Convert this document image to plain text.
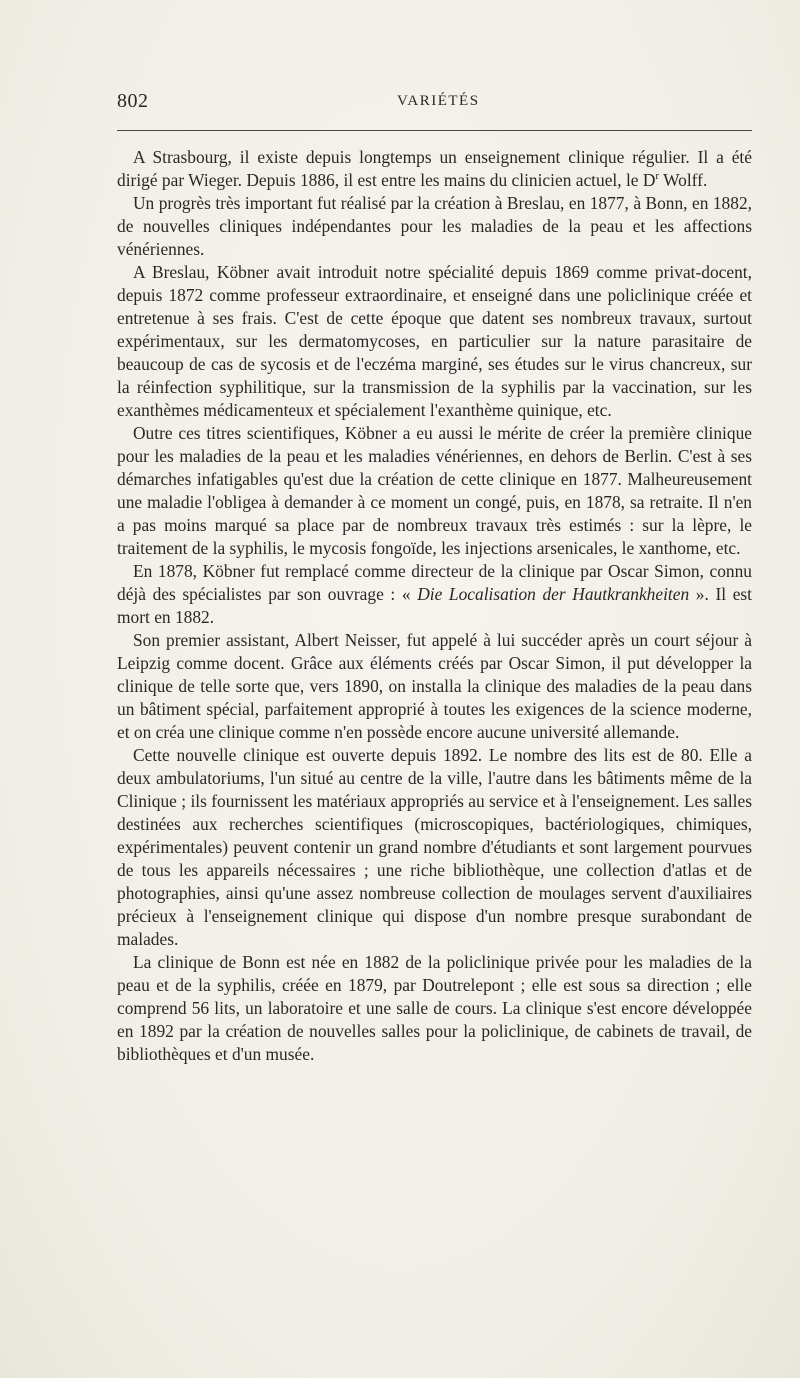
802	VARIÉTÉS

A Strasbourg, il existe depuis longtemps un enseignement clinique régulier. Il a été dirigé par Wieger. Depuis 1886, il est entre les mains du clinicien actuel, le $D^r$ Wolff.

Un progrès très important fut réalisé par la création à Breslau, en 1877, à Bonn, en 1882, de nouvelles cliniques indépendantes pour les maladies de la peau et les affections vénériennes.

A Breslau, Köbner avait introduit notre spécialité depuis 1869 comme privat-docent, depuis 1872 comme professeur extraordinaire, et enseigné dans une policlinique créée et entretenue à ses frais. C'est de cette époque que datent ses nombreux travaux, surtout expérimentaux, sur les dermatomycoses, en particulier sur la nature parasitaire de beaucoup de cas de sycosis et de l'eczéma marginé, ses études sur le virus chancreux, sur la réinfection syphilitique, sur la transmission de la syphilis par la vaccination, sur les exanthèmes médicamenteux et spécialement l'exanthème quinique, etc.

Outre ces titres scientifiques, Köbner a eu aussi le mérite de créer la première clinique pour les maladies de la peau et les maladies vénériennes, en dehors de Berlin. C'est à ses démarches infatigables qu'est due la création de cette clinique en 1877. Malheureusement une maladie l'obligea à demander à ce moment un congé, puis, en 1878, sa retraite. Il n'en a pas moins marqué sa place par de nombreux travaux très estimés : sur la lèpre, le traitement de la syphilis, le mycosis fongoïde, les injections arsenicales, le xanthome, etc.

En 1878, Köbner fut remplacé comme directeur de la clinique par Oscar Simon, connu déjà des spécialistes par son ouvrage : « Die Localisation der Hautkrankheiten ». Il est mort en 1882.

Son premier assistant, Albert Neisser, fut appelé à lui succéder après un court séjour à Leipzig comme docent. Grâce aux éléments créés par Oscar Simon, il put développer la clinique de telle sorte que, vers 1890, on installa la clinique des maladies de la peau dans un bâtiment spécial, parfaitement approprié à toutes les exigences de la science moderne, et on créa une clinique comme n'en possède encore aucune université allemande.

Cette nouvelle clinique est ouverte depuis 1892. Le nombre des lits est de 80. Elle a deux ambulatoriums, l'un situé au centre de la ville, l'autre dans les bâtiments même de la Clinique ; ils fournissent les matériaux appropriés au service et à l'enseignement. Les salles destinées aux recherches scientifiques (microscopiques, bactériologiques, chimiques, expérimentales) peuvent contenir un grand nombre d'étudiants et sont largement pourvues de tous les appareils nécessaires ; une riche bibliothèque, une collection d'atlas et de photographies, ainsi qu'une assez nombreuse collection de moulages servent d'auxiliaires précieux à l'enseignement clinique qui dispose d'un nombre presque surabondant de malades.

La clinique de Bonn est née en 1882 de la policlinique privée pour les maladies de la peau et de la syphilis, créée en 1879, par Doutrelepont ; elle est sous sa direction ; elle comprend 56 lits, un laboratoire et une salle de cours. La clinique s'est encore développée en 1892 par la création de nouvelles salles pour la policlinique, de cabinets de travail, de bibliothèques et d'un musée.
